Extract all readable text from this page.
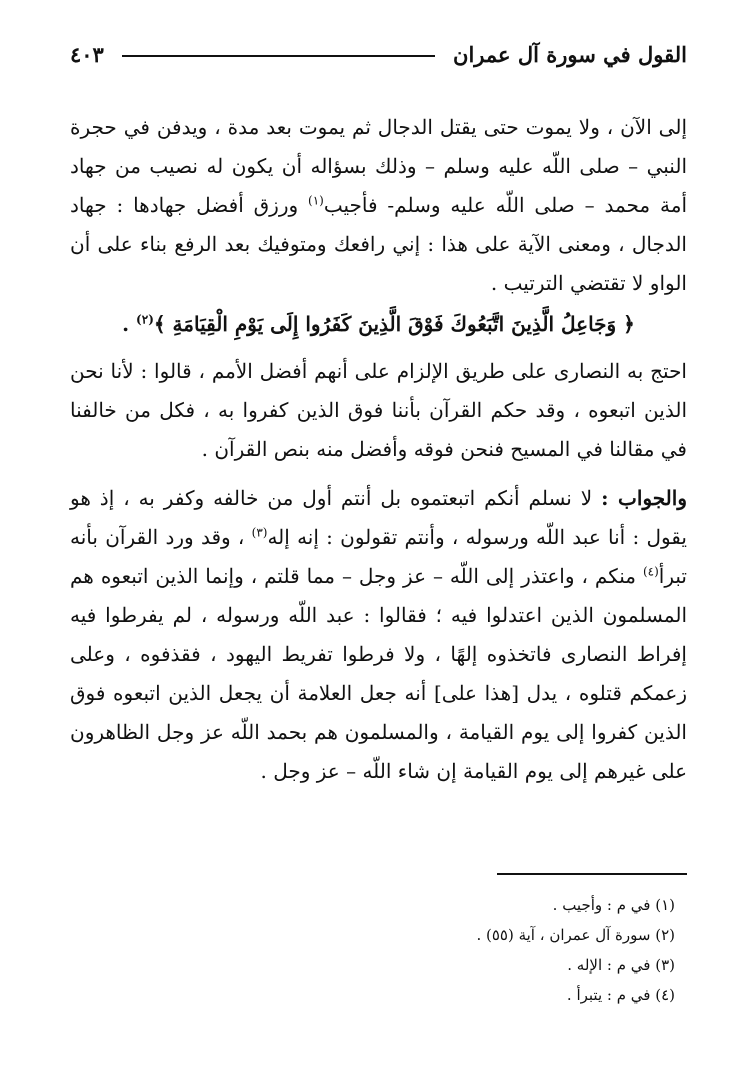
القول في سورة آل عمران
٤٠٣

إلى الآن ، ولا يموت حتى يقتل الدجال ثم يموت بعد مدة ، ويدفن في حجرة النبي – صلى اللّه عليه وسلم – وذلك بسؤاله أن يكون له نصيب من جهاد أمة محمد – صلى اللّه عليه وسلم- فأجيب$^{(١)}$ ورزق أفضل جهادها : جهاد الدجال ، ومعنى الآية على هذا : إني رافعك ومتوفيك بعد الرفع بناء على أن الواو لا تقتضي الترتيب .

﴿ وَجَاعِلُ الَّذِينَ اتَّبَعُوكَ فَوْقَ الَّذِينَ كَفَرُوا إِلَى يَوْمِ الْقِيَامَةِ ﴾$^{(٢)}$ .

احتج به النصارى على طريق الإلزام على أنهم أفضل الأمم ، قالوا : لأنا نحن الذين اتبعوه ، وقد حكم القرآن بأننا فوق الذين كفروا به ، فكل من خالفنا في مقالنا في المسيح فنحن فوقه وأفضل منه بنص القرآن .

والجواب : لا نسلم أنكم اتبعتموه بل أنتم أول من خالفه وكفر به ، إذ هو يقول : أنا عبد اللّه ورسوله ، وأنتم تقولون : إنه إله$^{(٣)}$ ، وقد ورد القرآن بأنه تبرأ$^{(٤)}$ منكم ، واعتذر إلى اللّه – عز وجل – مما قلتم ، وإنما الذين اتبعوه هم المسلمون الذين اعتدلوا فيه ؛ فقالوا : عبد اللّه ورسوله ، لم يفرطوا فيه إفراط النصارى فاتخذوه إلهًا ، ولا فرطوا تفريط اليهود ، فقذفوه ، وعلى زعمكم قتلوه ، يدل [هذا على] أنه جعل العلامة أن يجعل الذين اتبعوه فوق الذين كفروا إلى يوم القيامة ، والمسلمون هم بحمد اللّه عز وجل الظاهرون على غيرهم إلى يوم القيامة إن شاء اللّه – عز وجل .

(١) في م : وأجيب .

(٢) سورة آل عمران ، آية (٥٥) .

(٣) في م : الإله .

(٤) في م : يتبرأ .
